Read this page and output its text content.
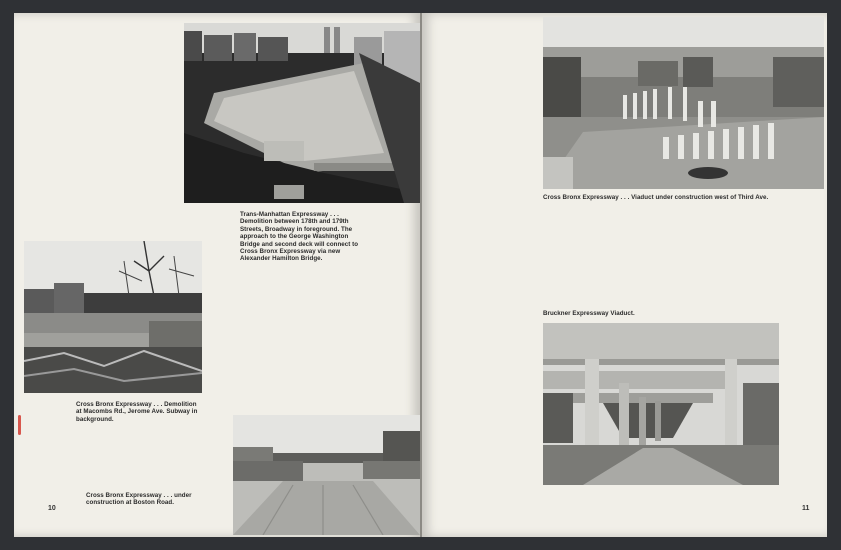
Trans-Manhattan Expressway . . . Demolition between 178th and 179th Streets, Broadway in foreground. The approach to the George Washington Bridge and second deck will connect to Cross Bronx Expressway via new Alexander Hamilton Bridge.
Cross Bronx Expressway . . . Demolition at Macombs Rd., Jerome Ave. Subway in background.
Cross Bronx Expressway . . . under construction at Boston Road.
10
Cross Bronx Expressway . . . Viaduct under construction west of Third Ave.
Bruckner Expressway Viaduct.
11
